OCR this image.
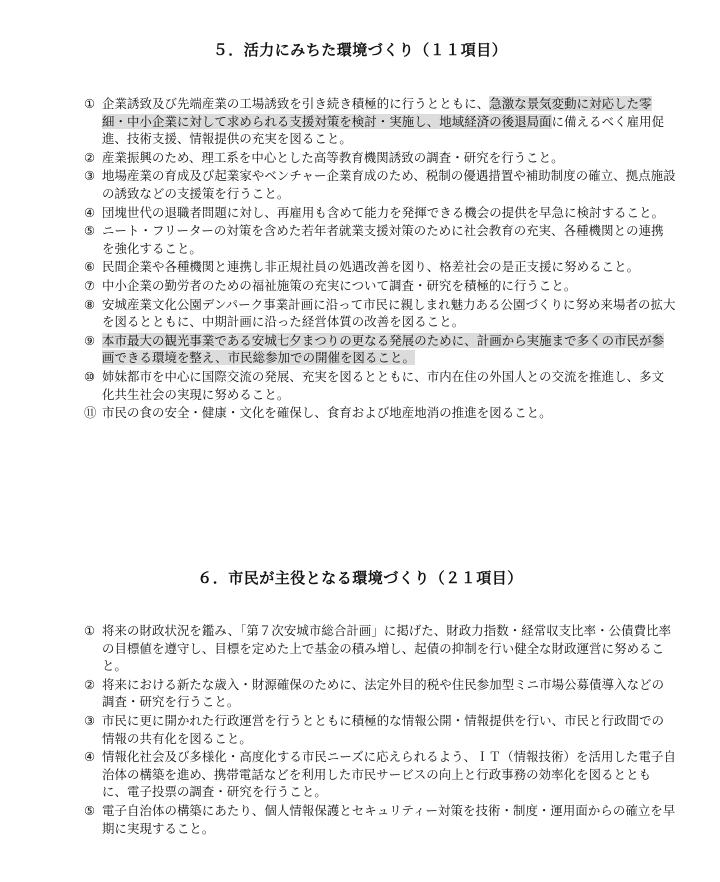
５．活力にみちた環境づくり（１１項目）
① 企業誘致及び先端産業の工場誘致を引き続き積極的に行うとともに、急激な景気変動に対応した零細・中小企業に対して求められる支援対策を検討・実施し、地域経済の後退局面に備えるべく雇用促進、技術支援、情報提供の充実を図ること。
② 産業振興のため、理工系を中心とした高等教育機関誘致の調査・研究を行うこと。
③ 地場産業の育成及び起業家やベンチャー企業育成のため、税制の優遇措置や補助制度の確立、拠点施設の誘致などの支援策を行うこと。
④ 団塊世代の退職者問題に対し、再雇用も含めて能力を発揮できる機会の提供を早急に検討すること。
⑤ ニート・フリーターの対策を含めた若年者就業支援対策のために社会教育の充実、各種機関との連携を強化すること。
⑥ 民間企業や各種機関と連携し非正規社員の処遇改善を図り、格差社会の是正支援に努めること。
⑦ 中小企業の勤労者のための福祉施策の充実について調査・研究を積極的に行うこと。
⑧ 安城産業文化公園デンパーク事業計画に沿って市民に親しまれ魅力ある公園づくりに努め来場者の拡大を図るとともに、中期計画に沿った経営体質の改善を図ること。
⑨ 本市最大の観光事業である安城七夕まつりの更なる発展のために、計画から実施まで多くの市民が参画できる環境を整え、市民総参加での開催を図ること。
⑩ 姉妹都市を中心に国際交流の発展、充実を図るとともに、市内在住の外国人との交流を推進し、多文化共生社会の実現に努めること。
⑪ 市民の食の安全・健康・文化を確保し、食育および地産地消の推進を図ること。
６．市民が主役となる環境づくり（２１項目）
① 将来の財政状況を鑑み、「第７次安城市総合計画」に掲げた、財政力指数・経常収支比率・公債費比率の目標値を遵守し、目標を定めた上で基金の積み増し、起債の抑制を行い健全な財政運営に努めること。
② 将来における新たな歳入・財源確保のために、法定外目的税や住民参加型ミニ市場公募債導入などの調査・研究を行うこと。
③ 市民に更に開かれた行政運営を行うとともに積極的な情報公開・情報提供を行い、市民と行政間での情報の共有化を図ること。
④ 情報化社会及び多様化・高度化する市民ニーズに応えられるよう、ＩＴ（情報技術）を活用した電子自治体の構築を進め、携帯電話などを利用した市民サービスの向上と行政事務の効率化を図るとともに、電子投票の調査・研究を行うこと。
⑤ 電子自治体の構築にあたり、個人情報保護とセキュリティー対策を技術・制度・運用面からの確立を早期に実現すること。
